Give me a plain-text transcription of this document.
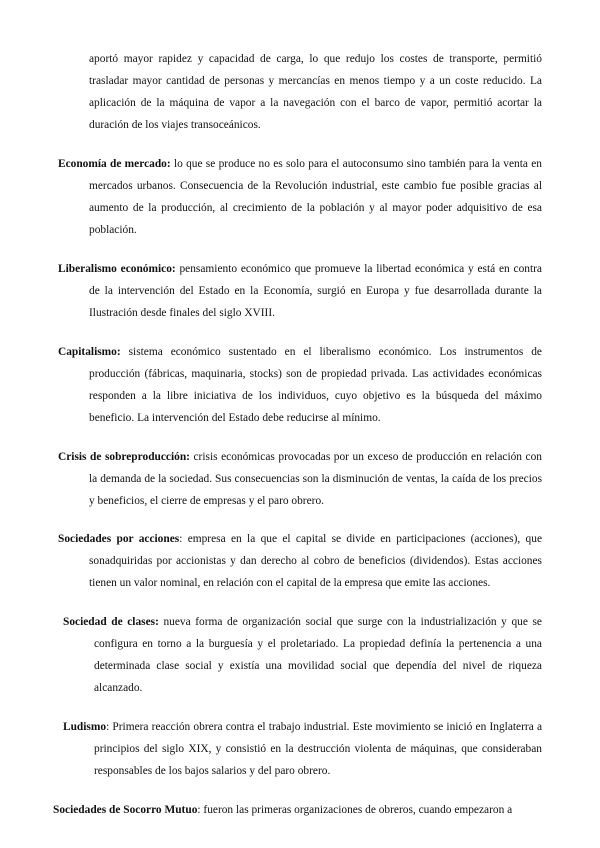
aportó mayor rapidez y capacidad de carga, lo que redujo los costes de transporte, permitió trasladar mayor cantidad de personas y mercancías en menos tiempo y a un coste reducido. La aplicación de la máquina de vapor a la navegación con el barco de vapor, permitió acortar la duración de los viajes transoceánicos.

Economía de mercado: lo que se produce no es solo para el autoconsumo sino también para la venta en mercados urbanos. Consecuencia de la Revolución industrial, este cambio fue posible gracias al aumento de la producción, al crecimiento de la población y al mayor poder adquisitivo de esa población.

Liberalismo económico: pensamiento económico que promueve la libertad económica y está en contra de la intervención del Estado en la Economía, surgió en Europa y fue desarrollada durante la Ilustración desde finales del siglo XVIII.

Capitalismo: sistema económico sustentado en el liberalismo económico. Los instrumentos de producción (fábricas, maquinaria, stocks) son de propiedad privada. Las actividades económicas responden a la libre iniciativa de los individuos, cuyo objetivo es la búsqueda del máximo beneficio. La intervención del Estado debe reducirse al mínimo.

Crisis de sobreproducción: crisis económicas provocadas por un exceso de producción en relación con la demanda de la sociedad. Sus consecuencias son la disminución de ventas, la caída de los precios y beneficios, el cierre de empresas y el paro obrero.

Sociedades por acciones: empresa en la que el capital se divide en participaciones (acciones), que sonadquiridas por accionistas y dan derecho al cobro de beneficios (dividendos). Estas acciones tienen un valor nominal, en relación con el capital de la empresa que emite las acciones.

Sociedad de clases: nueva forma de organización social que surge con la industrialización y que se configura en torno a la burguesía y el proletariado. La propiedad definía la pertenencia a una determinada clase social y existía una movilidad social que dependía del nivel de riqueza alcanzado.

Ludismo: Primera reacción obrera contra el trabajo industrial. Este movimiento se inició en Inglaterra a principios del siglo XIX, y consistió en la destrucción violenta de máquinas, que consideraban responsables de los bajos salarios y del paro obrero.

Sociedades de Socorro Mutuo: fueron las primeras organizaciones de obreros, cuando empezaron a
